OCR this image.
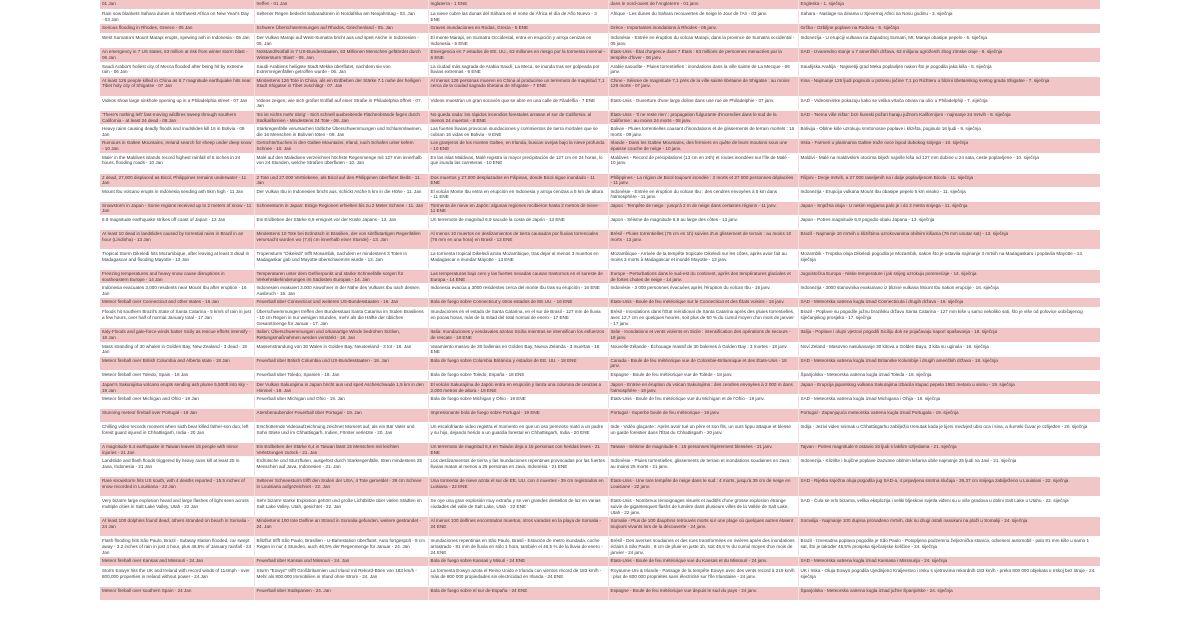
01 Jan	treffen - 01 Jan	Inglaterra - 1 ENE	dans le nord-ouest de l'Angleterre - 01 janv.	Engleska - 1. siječnja
Rain now blankets Sahara dunes in Northwest Africa on New Year's Day - 03 Jan	Seltener Regen bedeckt Saharadünen in Nordafrika am Neujahrstag - 03. Jan	La nieve cubre las dunas del Sáhara en el norte de África el día de Año Nuevo - 3 ENE	Afrique - Les dunes du Sahara recouvertes de neige le Jour de l'An - 03 janv.	Sahara - Naslage na dinama u Sjevernoj Africi na Novu godinu - 3. siječnja
Serious flooding in Rhodes, Greece - 05 Jan	Schwere Überschwemmungen auf Rhodos, Griechenland - 05. Jan	Graves inundaciones en Rodas, Grecia - 5 ENE	Grèce - Importantes inondations à Rhodes - 05 janv.	Grčka - Ozbiljne poplave na Rodosu - 5. siječnja
West Sumatra's Mount Marapi erupts, spewing ash in Indonesia - 05 Jan	Der Vulkan Marapi auf West-Sumatra bricht aus und speit Asche in Indonesien - 05. Jan	El monte Marapi, en Sumatra Occidental, entra en erupción y arroja cenizas en Indonesia - 5 ENE	Indonésie - Entrée en éruption du volcan Marapi, dans la province de Sumatra occidental - 05 janv.	Indonezija - U erupciji vulkana na Zapadnoj Sumatri, Mt. Marapi obasipe pepelo - 5. siječnja
An emergency in 7 US states, 63 million at risk from winter storm blast - 06 Jan	Notstand/Notfall in 7 US-Bundesstaaten, 63 Millionen Menschen gefährdet durch Wintersturm 'Blast' - 06. Jan	Emergencia en 7 estados de EE. UU., 63 millones en riesgo por la tormenta invernal - 6 ENE	États-Unis - État d'urgence dans 7 États : 63 millions de personnes menacées par la tempête d'hiver - 06 janv.	SAD - Izvanredno stanje u 7 američkih država, 63 milijuna ugroženih zbog zimske oluje - 6. siječnja
Saudi Arabia's holiest city of Mecca flooded after being hit by extreme rain - 06 Jan	Saudi-Arabiens heiligste Stadt Mekka überflutet, nachdem sie von Extremregenfällen getroffen wurde - 06. Jan	La ciudad más sagrada de Arabia Saudí, La Meca, se inunda tras ser golpeada por lluvias extremas - 6 ENE	Arabie saoudite - Pluies torrentielles : inondations dans la ville sainte de La Mecque - 06 janv.	Saudijska Arabija - Najsvetiji grad Meka poplavljen nakon što je pogodila jaka kiša - 6. siječnja
At least 126 people killed in China as 6.7 magnitude earthquake hits near Tibet holy city of Shigatse - 07 Jan	Mindestens 126 Tote in China, als ein Erdbeben der Stärke 7.1 nahe der heiligen Stadt Shigatse in Tibet zuschlägt - 07. Jan	Al menos 126 personas mueren en China al producirse un terremoto de magnitud 7,1 cerca de la ciudad sagrada tibetana de Shigatse - 7 ENE	Chine - Séisme de magnitude 7,1 près de la ville sainte tibétaine de Shigatse : au moins 126 morts - 07 janv.	Kina - Najmanje 126 ljudi poginulo u potresu jačine 7,1 po Richteru u blizini tibetanskog svetog grada Shigatse - 7. siječnja
Videos show large sinkhole opening up in a Philadelphia street - 07 Jan	Videos zeigen, wie sich großer Erdfall auf einer Straße in Philadelphia öffnet - 07. Jan	Videos muestran un gran socavón que se abre en una calle de Filadelfia - 7 ENE	États-Unis - Ouverture d'une large doline dans une rue de Philadelphie - 07 janv.	SAD - Videosnimke pokazuju kako se velika vrtača otvara na ulici u Philadelphiji - 7. siječnja
'There's nothing left' fast-moving wildfires sweep through southern California - at least 24 dead - 08 Jan	'Es ist nichts mehr übrig' - Sich schnell ausbreitende Flächenbrände fegen durch Südkalifornien - Mindestens 24 Tote - 08. Jan	No queda nada: los rápidos incendios forestales arrasan el sur de California: al menos 24 muertos - 8 ENE	États-Unis - 'Il ne reste rien' : propagation fulgurante d'incendies dans le sud de la Californie : au moins 24 morts - 08 janv.	SAD - 'Nema više ništa': brzi šumski požari haraju južnom Kalifornijom - najmanje 24 mrtvih - 8. siječnja
Heavy rains causing deadly floods and mudslides kill 16 in Bolivia - 09 Jan	Starkregenfälle verursachen tödliche Überschwemmungen und Schlammlawinen, die 16 Menschen in Bolivien töten - 09. Jan	Las fuertes lluvias provocan inundaciones y corrimientos de tierra mortales que se cobran 16 vidas en Bolivia - 9 ENE	Bolivie - Pluies torrentielles causant d'inondations et de glissements de terrain mortels : 16 morts - 09 janv.	Bolivija - Obilne kiše uzrokuju smrtonosne poplave i klizišta, poginulo 16 ljudi - 9. siječnja
Rumours in Galtee Mountains, Ireland search for sheep under deep snow - 10 Jan	Gerüchte/Suchen in den Galtee Mountains, Irland, nach Schafen unter tiefem Schnee - 10. Jan	Los granjeros de los montes Galtee, en Irlanda, buscan ovejas bajo la nieve profunda - 10 ENE	Irlande - Dans les Galtee Mountains, des fermiers en quête de leurs moutons sous une épaisse couche de neige - 10 janv.	Irska - Farmeri u planinama Galtee traže ovce ispod dubokog snijega - 10. siječnja
Male' in the Maldives islands record highest rainfall of 5 inches in 24 hours, flooding roads - 10 Jan	Malé auf den Malediven verzeichnet höchste Regenmenge mit 127 mm innerhalb von 24 Stunden, welche Straßen überfluten - 10. Jan	En las islas Maldivas, Malé registra la mayor precipitación de 127 cm en 24 horas, lo que inunda las carreteras - 10 ENE	Maldives - Record de précipitations (13 cm en 24h) et routes inondées sur l'île de Malé - 10 janv.	Maldivi - Malé na maldivskim otocima bilježi najviše kiša od 127 mm dubine u 24 sata, ceste poplavljene - 10. siječnja
2 dead, 27,000 displaced as Bicol, Philippines remains underwater - 11 Jan	2 Tote und 27.000 Vertriebene, als Bicol auf den Philippinen überflutet bleibt - 11. Jan	Dos muertos y 27.000 desplazados en Filipinas, donde Bicol sigue inundado - 11 ENE	Philippines - La région de Bicol toujours inondée : 2 morts et 27 000 personnes déplacées - 11 janv.	Filipini - Dvoje mrtvih, a 27 000 raseljenih na i dalje poplavljenom Bicolu - 11. siječnja
Mount Ibu volcano erupts in Indonesia sending ash 5km high - 11 Jan	Der Vulkan Ibu in Indonesien bricht aus, schickt Asche 5 km in die Höhe - 11. Jan	El volcán Monte Ibu entra en erupción en Indonesia y arroja cenizas a 5 km de altura - 11 ENE	Indonésie - Entrée en éruption du volcan Ibu : des cendres envoyées à 5 km dans l'atmosphère - 11 janv.	Indonezija - Erupcija vulkana Mount Ibu obasipe pepelo 5 km visoko - 11. siječnja
Snowstorm in Japan - Some regions received up to 2 meters of snow - 11 Jan	Schneesturm in Japan: Einige Regionen erhielten bis zu 2 Meter Schnee - 11. Jan	Tormenta de nieve en Japón: algunas regiones recibieron hasta 2 metros de nieve - 11 ENE	Japon - Tempête de neige : jusqu'à 2 m de neige dans certaines régions - 11 janv.	Japan - Snježna oluja - U nekim regijama palo je i do 2 metra snijega - 11. siječnja
6.9 magnitude earthquake strikes off coast of Japan - 13 Jan	Ein Erdbeben der Stärke 6,9 ereignet vor der Küste Japans - 13. Jan	Un terremoto de magnitud 6,9 sacude la costa de Japón - 13 ENE	Japon - Séisme de magnitude 6,9 au large des côtes - 13 janv.	Japan - Potres magnitude 6,9 pogodio obalu Japana - 13. siječnja
At least 10 dead in landslides caused by torrential rains in Brazil in an hour (Lindinha) - 13 Jan	Mindestens 10 Tote bei Erdrutsch in Brasilien, der von sintflutartigen Regenfällen verursacht wurden wo (7,6) cm innerhalb einer Stunde) - 13. Jan	Al menos 10 muertos en deslizamientos de tierra causados por lluvias torrenciales (76 mm en una hora) en Brasil - 13 ENE	Brésil - Pluies torrentielles (76 cm en 1h) suivies d'un glissement de terrain : au moins 10 morts - 13 janv.	Brazil - Najmanje 10 mrtvih u klizištima uzrokovanima obilnim kišama (76 mm unutar sat) - 13. siječnja
Tropical Storm Dikeledi hits Mozambique, after leaving at least 3 dead in Madagascar and flooding Mayotte - 13 Jan	Tropensturm "Dikeledi" trifft Mosambik, nachdem er mindestens 3 Toten in Madagaskar gab und Mayotte überschwemmt wurde - 13. Jan	La tormenta tropical Dikeledi azota Mozambique, tras dejar al menos 3 muertos en Madagascar e inundar Mayotte - 13 ENE	Mozambique - Arrivée de la tempête tropicale Dikeledi sur les côtes, après avoir fait au moins 3 morts à Madagascar et inondé Mayotte - 13 janv.	Mozambik - Tropska oluja Dikeledi pogodila je Mozambik, nakon što je ostavila najmanje 3 mrtvih na Madagaskaru i poplavila Mayotte - 13. siječnja
Freezing temperatures and heavy snow cause disruptions in southeastern Europe - 14 Jan	Temperaturen unter dem Gefrierpunkt und starke Schneefälle sorgen für Verkehrsbehinderungen im Südosten Europas - 14. Jan	Las temperaturas bajo cero y las fuertes nevadas causan trastornos en el sureste de Europa - 14 ENE	Europe - Perturbations dans le sud-est du continent, après des températures glaciales et de fortes chutes de neige - 14 janv.	Jugoistočna Europa - Niske temperature i jak snijeg uzrokuju poremećaje - 14. siječnja
Indonesia evacuates 3,000 residents near Mount Ibu after eruption - 16 Jan	Indonesien evakuiert 3.000 Anwohner in der Nähe des Vulkans Ibu nach dessen Ausbruch - 16. Jan	Indonesia evacúa a 3000 residentes cerca del monte Ibu tras su erupción - 16 ENE	Indonésie - 3 000 personnes évacuées après l'éruption du volcan Ibu - 16 janv.	Indonezija - 3000 stanovnika evakuirano iz blizine vulkana Mount Ibu nakon erupcije - 16. siječnja
Meteor fireball over Connecticut and other states - 16 Jan	Feuerball über Connecticut und weiteren US-Bundesstaaten - 16. Jan	Bola de fuego sobre Connecticut y otros estados de EE.UU. - 16 ENE	États-Unis - Boule de feu météorique sur le Connecticut et des États voisins - 16 janv.	SAD - Meteorska vatrena kugla iznad Connecticuta i drugih država - 16. siječnja
Floods hit southern Brazil's State of Santa Catarina - 5 km/s of rain in just a few hours, over half of normal January total - 17 Jan	Überschwemmungen treffen den Bundesstaat Santa Catarina im Süden Brasiliens - 10 cm Regen in nur wenigen Stunden, mehr als die Hälfte der üblichen Gesamtmenge für Januar - 17. Jan	Inundaciones en el estado de Santa Catarina, en el sur de Brasil - 127 mm de lluvia en pocas horas, más de la mitad del total normal de enero - 17 ENE	Brésil - Inondations dans l'État méridional de Santa Catarina après des pluies torrentielles, avec 12,7 cm en quelques heures, soit plus de 50 % du cumul moyen d'un mois de janvier - 17 janv.	Brazil - Poplave su pogodile južnu brazilsku državu Santa Catarina - 127 mm kiše u samo nekoliko sati, što je više od polovice uobičajenog siječanjskog prosjeka - 17. siječnja
Italy-Floods and gale-force winds batter Sicily as rescue efforts intensify - 18 Jan	Italien: Überschwemmungen und orkanartige Winde bedrohen Sizilien, Rettungsmaßnahmen werden verstärkt - 18. Jan	Italia: Inundaciones y vendavales azotan Sicilia mientras se intensifican los esfuerzos de rescate - 18 ENE	Italie - Inondations et vents violents en Sicile : intensification des opérations de secours - 18 janv.	Italija - Poplave i olujni vjetrovi pogodili Siciliju dok se pojačavaju napori spašavanja - 18. siječnja
Mass stranding of 30 whales in Golden Bay, New Zealand - 3 dead - 18 Jan	Massenstrandung von 30 Walen in Golden Bay, Neuseeland - 3 tot - 18. Jan	Varamiento masivo de 30 ballenas en Golden Bay, Nueva Zelanda - 3 muertas - 18 ENE	Nouvelle-Zélande - Échouage massif de 30 baleines à Golden Bay : 3 mortes - 18 janv.	Novi Zeland - Masovno nasukavanje 30 kitova u Golden Bayu, 3 kita su uginula - 18. siječnja
Meteor fireball over British Columbia and Alberta state - 18 Jan	Feuerball über British Columbia und US-Bundesstaaten - 18. Jan	Bola de fuego sobre Columbia Británica y estados de EE. UU. - 18 ENE	Canada - Boule de feu météorique vue de Colombie-Britannique et des États-Unis - 18 janv.	SAD - Meteorska vatrena kugla iznad Britanske Kolumbije i drugih američkih država - 18. siječnja
Meteor fireball over Toledo, Spain - 18 Jan	Feuerball über Toledo, Spanien - 18. Jan	Bola de fuego sobre Toledo, España - 18 ENE	Espagne - Boule de feu météorique vue de Tolède - 18 janv.	Španjolska - Meteorska vatrena kugla iznad Toleda - 18. siječnja
Japan's Sakurajima volcano erupts sending ash plume 5,500ft into sky - 19 Jan	Der Vulkan Sakurajima in Japan bricht aus und speit Ascheschwade 1,5 km in den Himmel - 19. Jan	El volcán Sakurajima de Japón entra en erupción y lanza una columna de cenizas a 2.000 metros de altura - 19 ENE	Japon - Entrée en éruption du volcan Sakurajima : des cendres envoyées à 2 000 m dans l'atmosphère - 19 janv.	Japan - Erupcija japanskog vulkana Sakurajima izbacila stupac pepela 1981 metara u visinu - 19. siječnja
Meteor fireball over Michigan and Ohio - 19 Jan	Feuerball über Michigan und Ohio - 19. Jan	Bola de fuego sobre Michigan y Ohio - 19 ENE	États-Unis - Boule de feu météorique vue du Michigan et de l'Ohio - 19 janv.	SAD - Meteorska vatrena kugla iznad Michigana i Ohija - 19. siječnja
Stunning meteor fireball over Portugal - 19 Jan	Atemberaubender Feuerball über Portugal - 19. Jan	Impresionante bola de fuego sobre Portugal - 19 ENE	Portugal - Superbe boule de feu météorique - 19 janv.	Portugal - Zapanjujuća meteorska vatrena kugla iznad Portugala - 19. siječnja
Chilling video records moment when sixth bear killed father-son duo, left forest guard injured in Chhattisgarh, India - 20 Jan	Erschütternde Videoaufzeichnung zeichnet Moment auf, als ein Bär Vater und Sohn tötete und im Chhattisgarh, Indien, Förster verletzte - 20. Jan	Un escalofriante video registra el momento en que un oso perezoso mató a un padre y su hijo, dejando herido a un guardia forestal en Chhattisgarh, India - 20 ENE	Inde - Vidéo glaçante : Après avoir tué un père et son fils, un ours lippu attaque et blesse un garde forestier dans l'État du Chhattisgarh - 20 janv.	Indija - Jezivi video snimak u Chhattisgarhu zabilježio trenutak kada je lijeni medvjed ubio oca i sina, a šumski čuvar je ozlijeđen - 20. siječnja
A magnitude 6.4 earthquake in Taiwan leaves 15 people with minor injuries - 21 Jan	Ein Erdbeben der Stärke 6,4 in Taiwan lässt 15 Menschen mit leichten Verletzungen zurück - 21. Jan	Un terremoto de magnitud 6,4 en Taiwán deja a 15 personas con heridas leves - 21 ENE	Taïwan - Séisme de magnitude 6 : 15 personnes légèrement blessées - 21 janv.	Tajvan - Potres magnitude 6 ostavio 15 ljudi s lakšim ozljedama - 21. siječnja
Landslide and flash floods triggered by heavy rains kill at least 25 in Java, Indonesia - 21 Jan	Erdrutsche und Sturzfluten, ausgelöst durch Starkregenfälle, töten mindestens 25 Menschen auf Java, Indonesien - 21. Jan	Los deslizamientos de tierra y las inundaciones repentinas provocadas por las fuertes lluvias matan al menos a 25 personas en Java, Indonesia - 21 ENE	Indonésie - Pluies torrentielles, glissements de terrain et inondations soudaines en Java : au moins 25 morts - 21 janv.	Indonezija - Klizište i bujične poplave izazvane obilnim kišama ubile najmanje 25 ljudi na Javi - 21. siječnja
Rare snowstorm hits US south, with 4 deaths reported - 15.5 inches of snow recorded in Louisiana - 22 Jan	Seltener Schneesturm trifft den Süden der USA, 4 Tote gemeldet - 39 cm Schnee in Louisiana aufgezeichnet - 22. Jan	Una tormenta de nieve azota el sur de EE. UU. con 4 muertes - 39 cm registrados en Luisiana - 22 ENE	États-Unis - Une rare tempête de neige dans le sud : 4 morts, jusqu'à 39 cm de neige en Louisiane - 22 janv.	SAD - Rijetka snježna oluja pogodila jug SAD-a, 4 prijavljena smrtna slučaja - 39,37 cm snijega zabilježeno u Louisiani - 22. siječnja
Very bizarre large explosion heard and large flashes of light seen across multiple cities in Salt Lake Valley, Utah - 22 Jan	Sehr bizarre starke Explosion gehört und große Lichtblitze über vielen Städten im Salt Lake Valley, Utah, gesichtet - 22. Jan	Se oye una gran explosión muy extraña y se ven grandes destellos de luz en varias ciudades del valle de Salt Lake, Utah - 22 ENE	États-Unis - Nombreux témoignages visuels et auditifs d'une grosse explosion étrange suivie de gigantesques flashs de lumière dans plusieurs villes de la Vallée de Salt Lake, Utah - 22 janv.	SAD - Čula se vrlo bizarna, velika eksplozija i veliki bljeskovi svjetla viđeni su u više gradova u dolini Salt Lake u Utahu - 22. siječnja
At least 100 dolphins found dead, others stranded on beach in Somalia - 24 Jan	Mindestens 100 tote Delfine an Strand in Somalia gefunden, weitere gestrandet - 24. Jan	Al menos 100 delfines encontrados muertos, otros varados en la playa de Somalia - 24 ENE	Somalie - Plus de 100 dauphins retrouvés morts sur une plage où quelques autres étaient toujours vivants lors de la découverte - 24 janv.	Somalija - Najmanje 100 dupina pronađeno mrtvih, dok su drugi ostali nasukani na plaži u Somaliji - 24. siječnja
Flash flooding hits São Paulo, Brazil - Subway station flooded, car swept away - 3.2 inches of rain in just 4 hour, plus 46.5% of January rainfall - 24 Jan	Blitzflut trifft São Paulo, Brasilien - U-Bahnstation überflutet, Auto fortgespült - 8 cm Regen in nur 4 Stunden, auch 46,5% der Regenmenge für Januar - 24. Jan	Inundaciones repentinas en São Paulo, Brasil - Estación de metro inundada, coche arrastrado - 81 mm de lluvia en sólo 1 hora, también el 46,5 % de la lluvia de enero - 24 ENE	Brésil - Des averses soudaines et des rues transformées en rivières après des inondations éclairs à São Paulo : 8 cm de pluie en juste 1h, soit 46,5 % du cumul moyen d'un mois de janvier - 24 janv.	Brazil - Iznenadna poplava pogodila je São Paulo - Potopljena podzemna željeznička stanica, odneseni automobil - palo 81 mm kiše u samo 1 sat, što je također 46,5% prosjeka siječanjske količine - 24. siječnja
Meteor fireball over Kansas and Missouri - 24 Jan	Feuerball über Kansas und Missouri - 24. Jan	Bola de fuego sobre Kansas y Misuri - 24 ENE	États-Unis - Boule de feu météorique vue du Kansas et du Missouri - 24 janv.	SAD - Meteorska vatrena kugla iznad Kansasa i Missourija - 24. siječnja
Storm Eowyn hits the UK and Ireland with record winds of 114mph - over 800,000 properties in Ireland without power - 24 Jan	Sturm "Eowyn" trifft Großbritannien und Irland mit Rekord-Böen von 183 km/h - Mehr als 800.000 Immobilien in Irland ohne Strom - 24. Jan	La tormenta Eowyn azota el Reino Unido e Irlanda con vientos récord de 183 km/h - más de 800 000 propiedades sin electricidad en Irlanda - 24 ENE	Royaume-Uni & Irlande - Passage de la tempête Eowyn avec des vents record à 215 km/h : plus de 800 000 propriétés sans électricité sur l'île Irlandaise - 24 janv.	UK i Irska - Oluja Eowyn pogodila Ujedinjeno Kraljevstvo i Irsku s vjetrovima rekordnih 183 km/h - preko 800 000 objekata u Irskoj bez struje - 24. siječnja
Meteor fireball over southern Spain - 24 Jan	Feuerball über Südspanien - 24. Jan	Bola de fuego sobre el sur de España - 24 ENE	Espagne - Boule de feu météorique vue depuis le sud du pays - 24 janv.	Španjolska - Meteorska vatrena kugla iznad južne Španjolske - 24. siječnja
